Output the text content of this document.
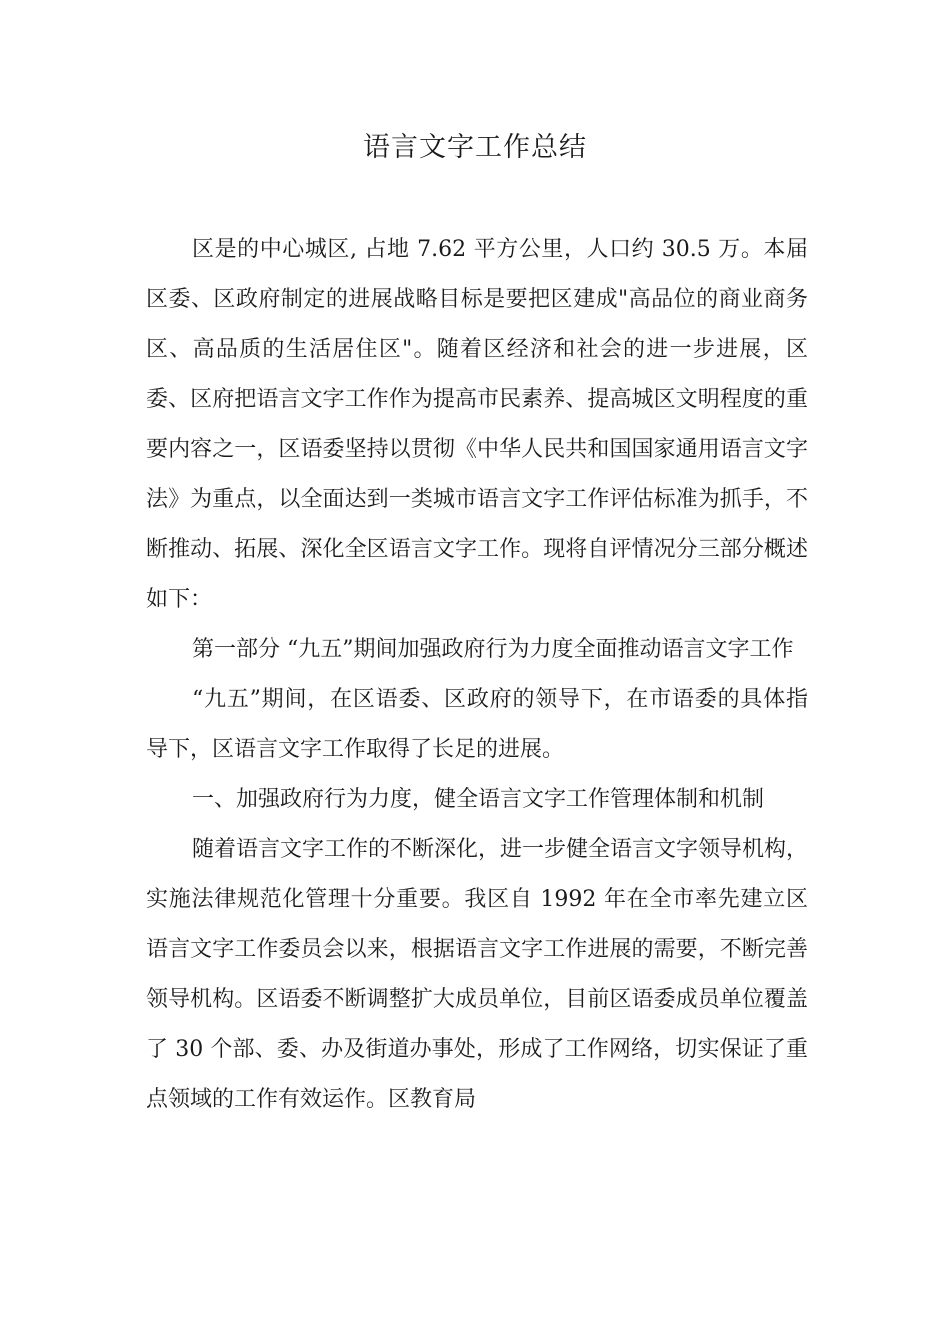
语言文字工作总结

区是的中心城区, 占地 7.62 平方公里，人口约 30.5 万。本届区委、区政府制定的进展战略目标是要把区建成"高品位的商业商务区、高品质的生活居住区"。随着区经济和社会的进一步进展，区委、区府把语言文字工作作为提高市民素养、提高城区文明程度的重要内容之一，区语委坚持以贯彻《中华人民共和国国家通用语言文字法》为重点，以全面达到一类城市语言文字工作评估标准为抓手，不断推动、拓展、深化全区语言文字工作。现将自评情况分三部分概述如下：

第一部分 “九五”期间加强政府行为力度全面推动语言文字工作

“九五”期间，在区语委、区政府的领导下，在市语委的具体指导下，区语言文字工作取得了长足的进展。

一、加强政府行为力度，健全语言文字工作管理体制和机制

随着语言文字工作的不断深化，进一步健全语言文字领导机构，实施法律规范化管理十分重要。我区自 1992 年在全市率先建立区语言文字工作委员会以来，根据语言文字工作进展的需要，不断完善领导机构。区语委不断调整扩大成员单位，目前区语委成员单位覆盖了 30 个部、委、办及街道办事处，形成了工作网络，切实保证了重点领域的工作有效运作。区教育局
